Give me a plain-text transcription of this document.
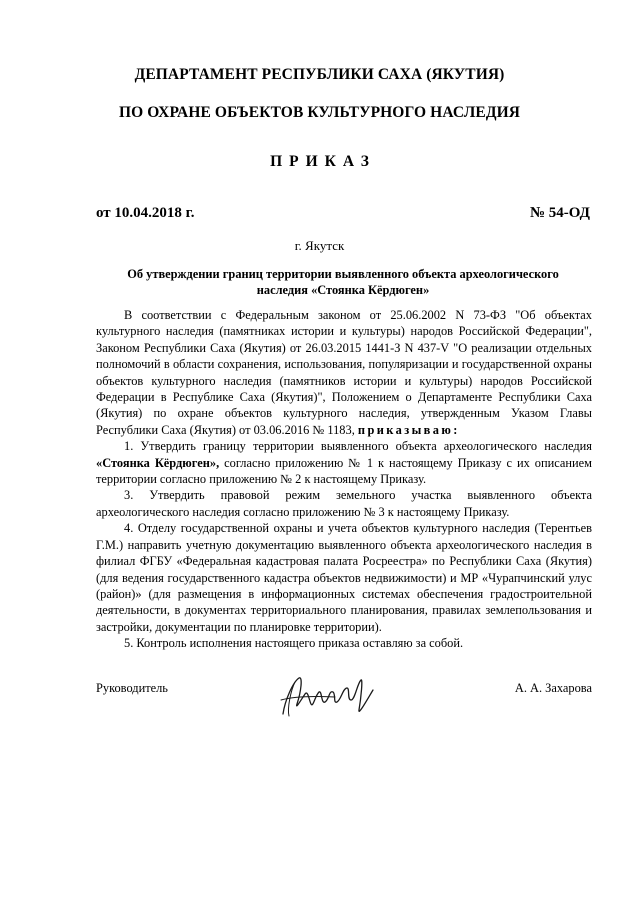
ДЕПАРТАМЕНТ РЕСПУБЛИКИ САХА (ЯКУТИЯ)
ПО ОХРАНЕ ОБЪЕКТОВ КУЛЬТУРНОГО НАСЛЕДИЯ
ПРИКАЗ
от 10.04.2018 г.	№ 54-ОД
г. Якутск
Об утверждении границ территории выявленного объекта археологического
наследия «Стоянка Кёрдюген»

В соответствии с Федеральным законом от 25.06.2002 N 73-ФЗ "Об объектах культурного наследия (памятниках истории и культуры) народов Российской Федерации", Законом Республики Саха (Якутия) от 26.03.2015 1441-З N 437-V "О реализации отдельных полномочий в области сохранения, использования, популяризации и государственной охраны объектов культурного наследия (памятников истории и культуры) народов Российской Федерации в Республике Саха (Якутия)", Положением о Департаменте Республики Саха (Якутия) по охране объектов культурного наследия, утвержденным Указом Главы Республики Саха (Якутия) от 03.06.2016 № 1183, приказываю:

1. Утвердить границу территории выявленного объекта археологического наследия «Стоянка Кёрдюген», согласно приложению № 1 к настоящему Приказу с их описанием территории согласно приложению № 2 к настоящему Приказу.

3. Утвердить правовой режим земельного участка выявленного объекта археологического наследия согласно приложению № 3 к настоящему Приказу.

4. Отделу государственной охраны и учета объектов культурного наследия (Терентьев Г.М.) направить учетную документацию выявленного объекта археологического наследия в филиал ФГБУ «Федеральная кадастровая палата Росреестра» по Республики Саха (Якутия) (для ведения государственного кадастра объектов недвижимости) и МР «Чурапчинский улус (район)» (для размещения в информационных системах обеспечения градостроительной деятельности, в документах территориального планирования, правилах землепользования и застройки, документации по планировке территории).

5. Контроль исполнения настоящего приказа оставляю за собой.

Руководитель	А. А. Захарова
